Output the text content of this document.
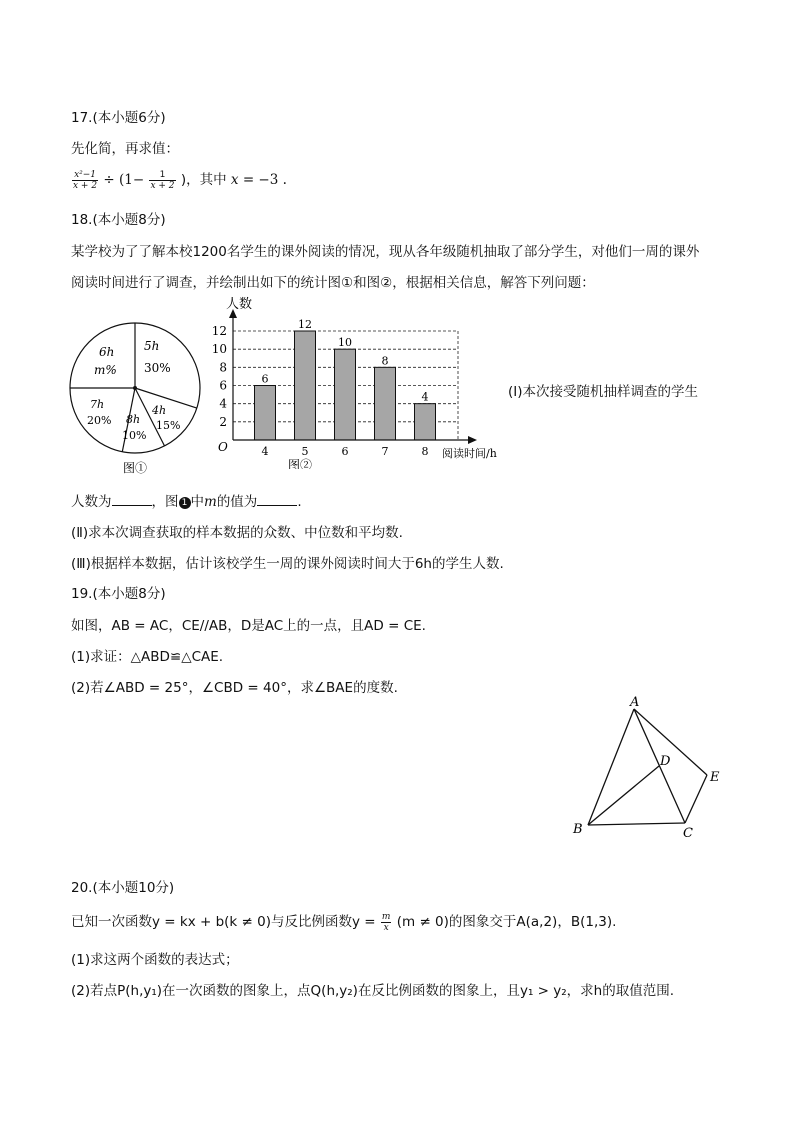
17.(本小题6分)
先化简，再求值：
$\frac{\text{x²−1}}{x + 2} \div (1- \frac{1}{x + 2}$ )，其中 x = −3 .
18.(本小题8分)
某学校为了了解本校1200名学生的课外阅读的情况，现从各年级随机抽取了部分学生，对他们一周的课外
阅读时间进行了调查，并绘制出如下的统计图①和图②，根据相关信息，解答下列问题：
5h
30%
4h
15%
8h
10%
7h
20%
6h
m%
图①
6
12
10
8
4
2
4
6
8
10
12
4	5	6	7	8
人数
O	阅读时间/h
图②
(Ⅰ)本次接受随机抽样调查的学生
人数为	，图 1 中m的值为	.
(Ⅱ)求本次调查获取的样本数据的众数、中位数和平均数.
(Ⅲ)根据样本数据，估计该校学生一周的课外阅读时间大于6h的学生人数.
19.(本小题8分)
如图，AB = AC，CE//AB，D是AC上的一点，且AD = CE.
(1)求证：△ABD≌△CAE.
(2)若∠ABD = 25°，∠CBD = 40°，求∠BAE的度数.
A
B	C
D
E
20.(本小题10分)
已知一次函数y = kx + b(k ≠ 0)与反比例函数$y = \frac{m}{x} (m \ne 0)$的图象交于A(a,2)，B(1,3).
(1)求这两个函数的表达式；
(2)若点P(h,y₁)在一次函数的图象上，点Q(h,y₂)在反比例函数的图象上，且y₁ > y₂，求h的取值范围.
